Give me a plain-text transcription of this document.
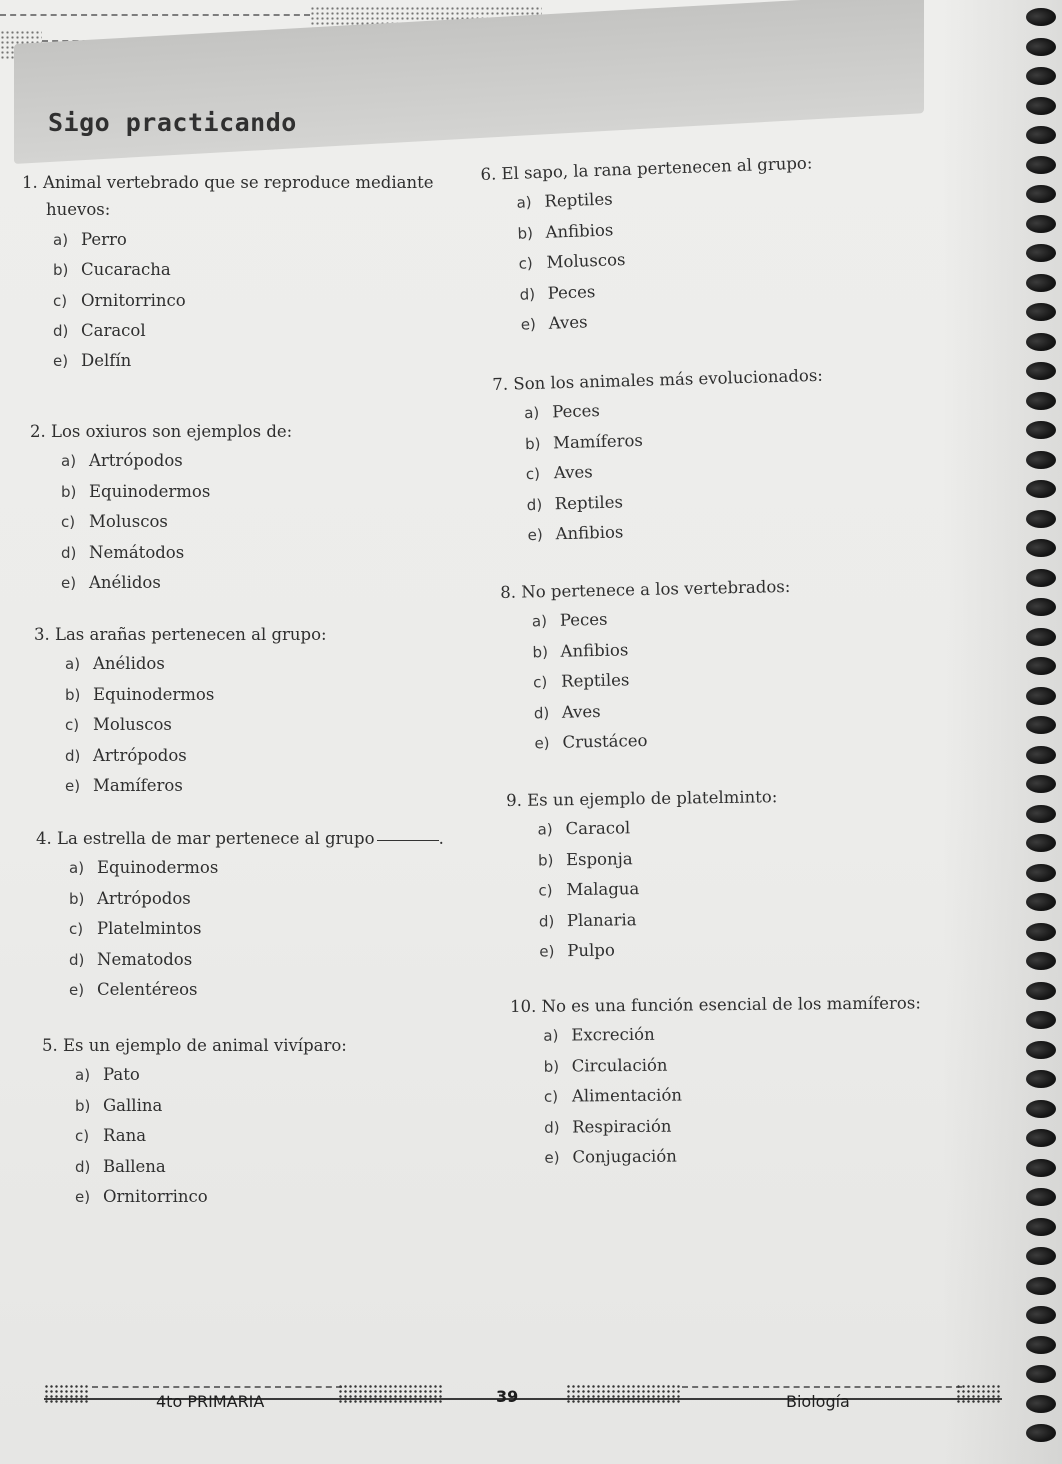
Sigo practicando
1. Animal vertebrado que se reproduce mediante
huevos:
a) Perro
b) Cucaracha
c) Ornitorrinco
d) Caracol
e) Delfín
2. Los oxiuros son ejemplos de:
a) Artrópodos
b) Equinodermos
c) Moluscos
d) Nemátodos
e) Anélidos
3. Las arañas pertenecen al grupo:
a) Anélidos
b) Equinodermos
c) Moluscos
d) Artrópodos
e) Mamíferos
4. La estrella de mar pertenece al grupo	.
a) Equinodermos
b) Artrópodos
c) Platelmintos
d) Nematodos
e) Celentéreos
5. Es un ejemplo de animal vivíparo:
a) Pato
b) Gallina
c) Rana
d) Ballena
e) Ornitorrinco
6. El sapo, la rana pertenecen al grupo:
a) Reptiles
b) Anfibios
c) Moluscos
d) Peces
e) Aves
7. Son los animales más evolucionados:
a) Peces
b) Mamíferos
c) Aves
d) Reptiles
e) Anfibios
8. No pertenece a los vertebrados:
a) Peces
b) Anfibios
c) Reptiles
d) Aves
e) Crustáceo
9. Es un ejemplo de platelminto:
a) Caracol
b) Esponja
c) Malagua
d) Planaria
e) Pulpo
10. No es una función esencial de los mamíferos:
a) Excreción
b) Circulación
c) Alimentación
d) Respiración
e) Conjugación
4to PRIMARIA	39	Biología
